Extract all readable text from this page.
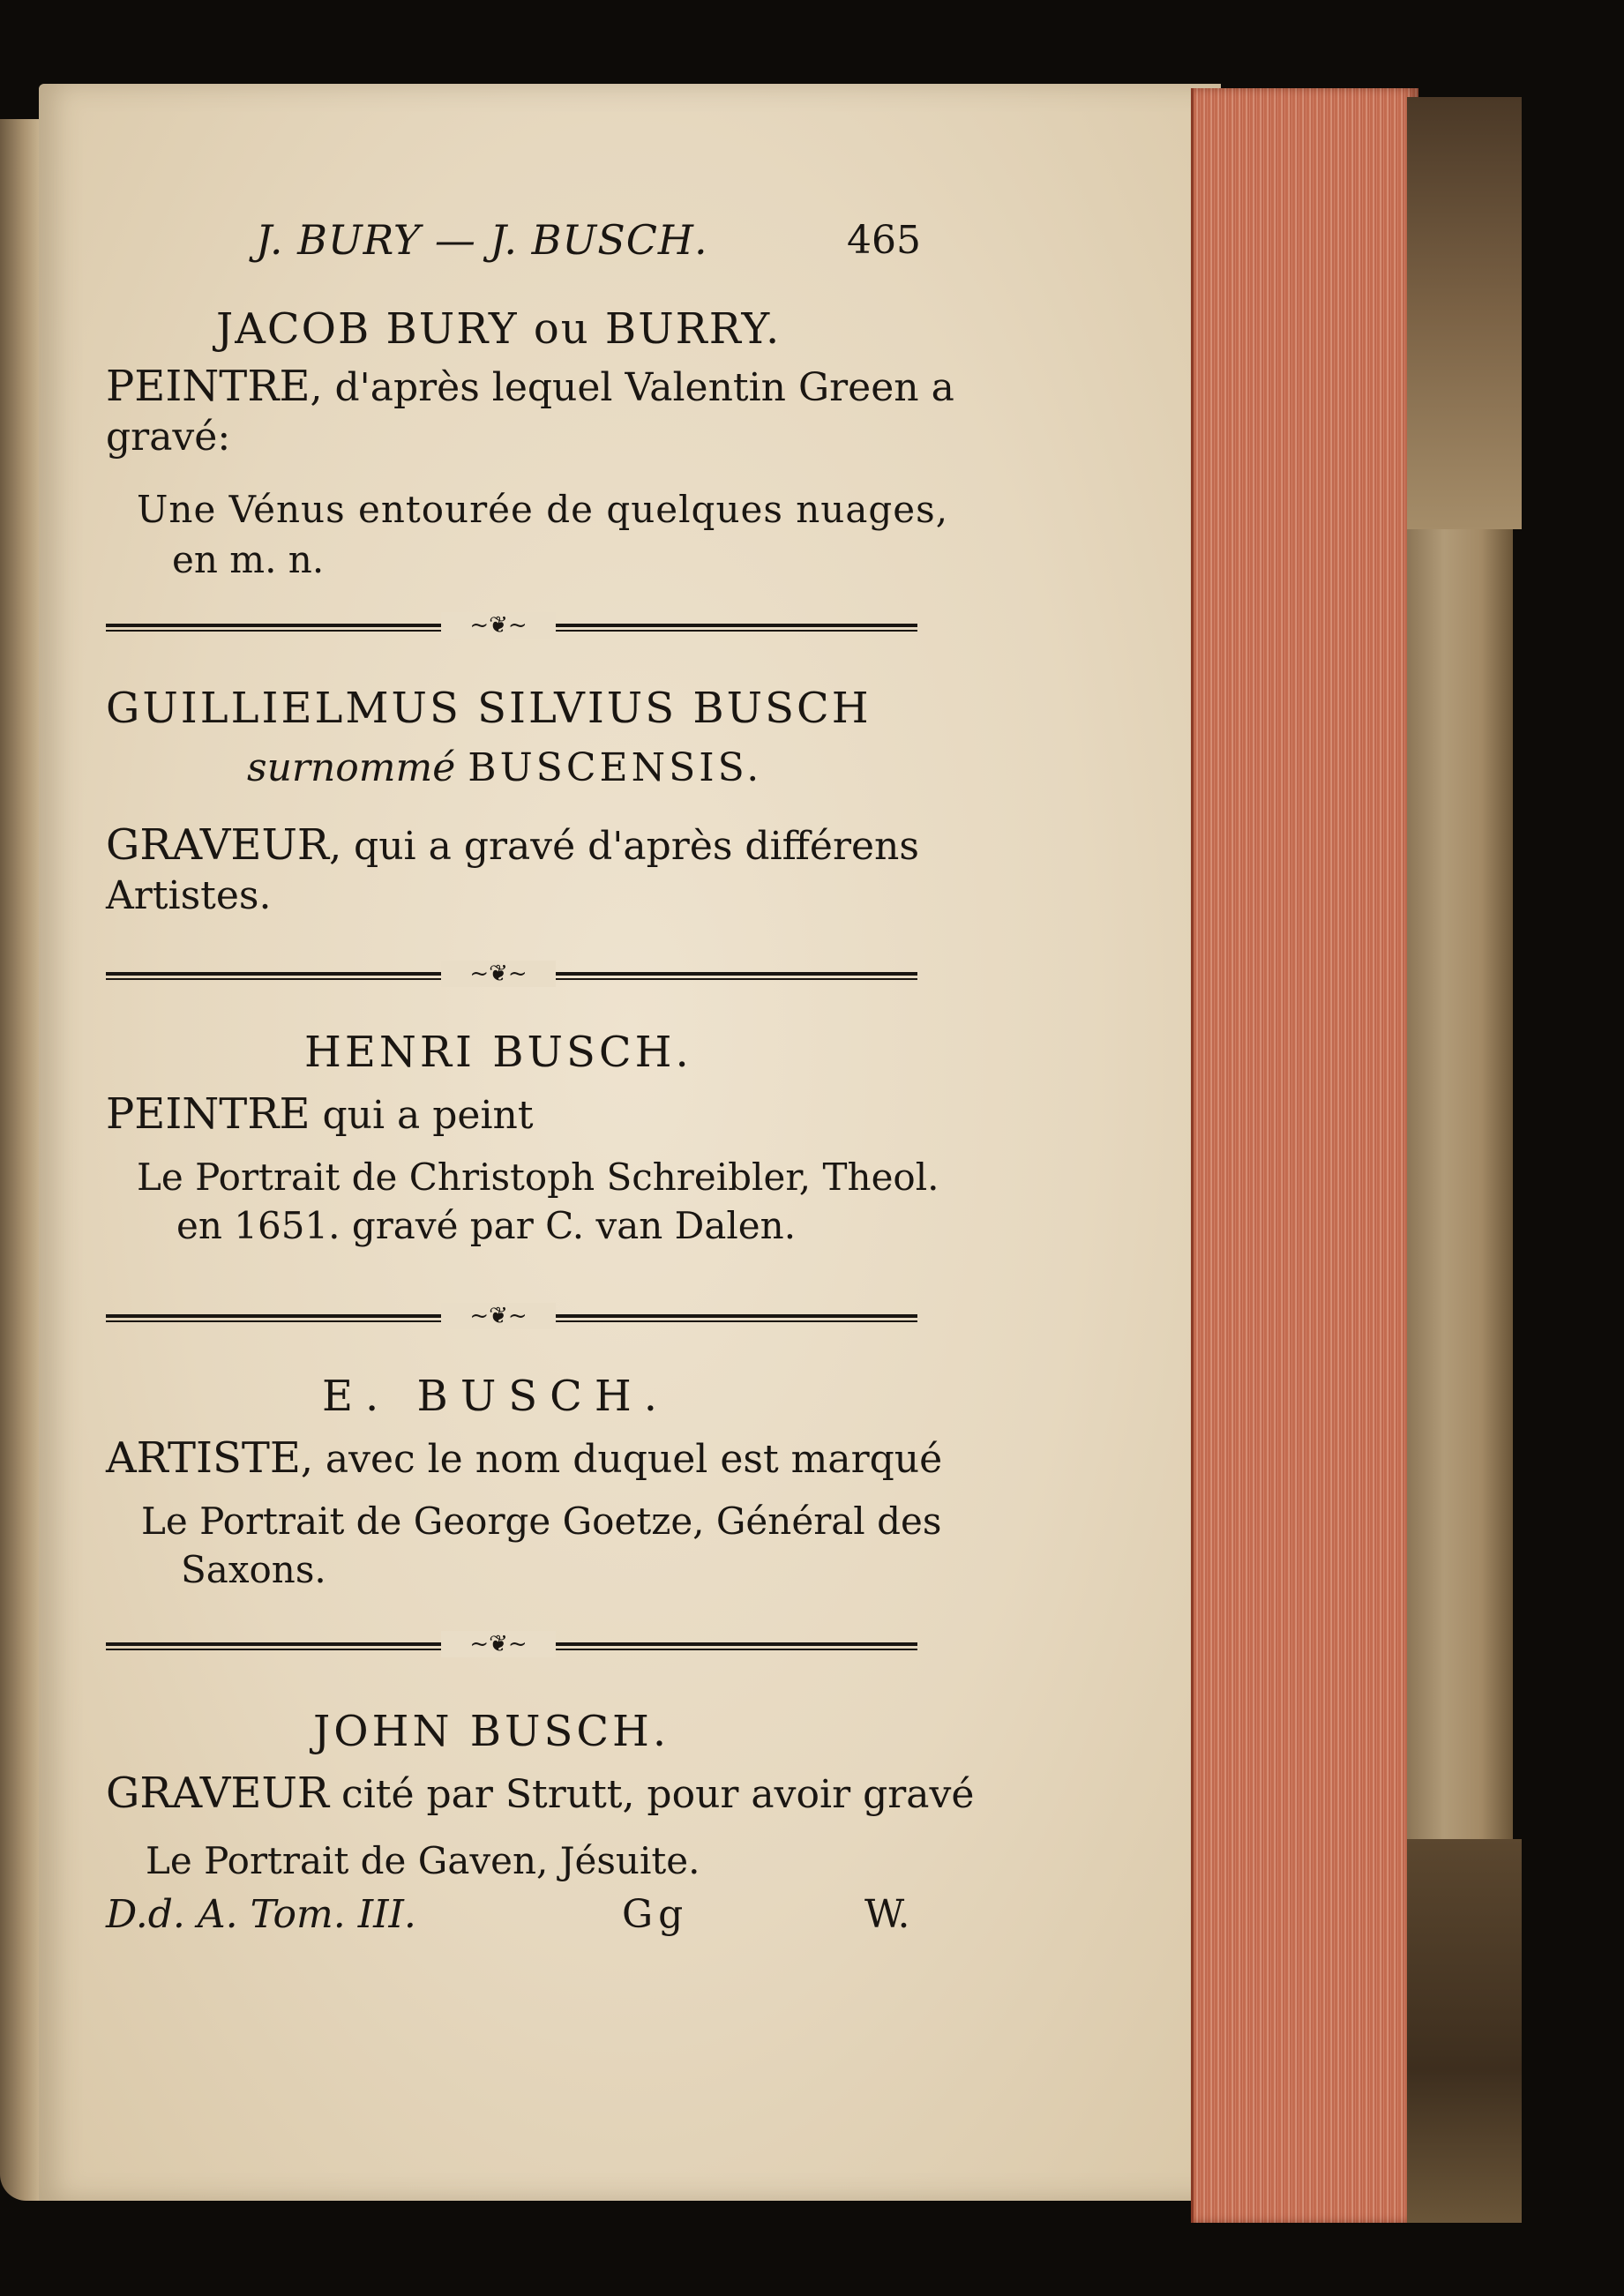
J. BURY — J. BUSCH.	465
JACOB BURY ou BURRY.
PEINTRE, d'après lequel Valentin Green a
gravé:
Une Vénus entourée de quelques nuages,
en m. n.
~❦~
GUILLIELMUS SILVIUS BUSCH
surnommé BUSCENSIS.
GRAVEUR, qui a gravé d'après différens
Artistes.
~❦~
HENRI BUSCH.
PEINTRE qui a peint
Le Portrait de Christoph Schreibler, Theol.
en 1651. gravé par C. van Dalen.
~❦~
E. BUSCH.
ARTISTE, avec le nom duquel est marqué
Le Portrait de George Goetze, Général des
Saxons.
~❦~
JOHN BUSCH.
GRAVEUR cité par Strutt, pour avoir gravé
Le Portrait de Gaven, Jésuite.
D.d. A. Tom. III.	Gg	W.
